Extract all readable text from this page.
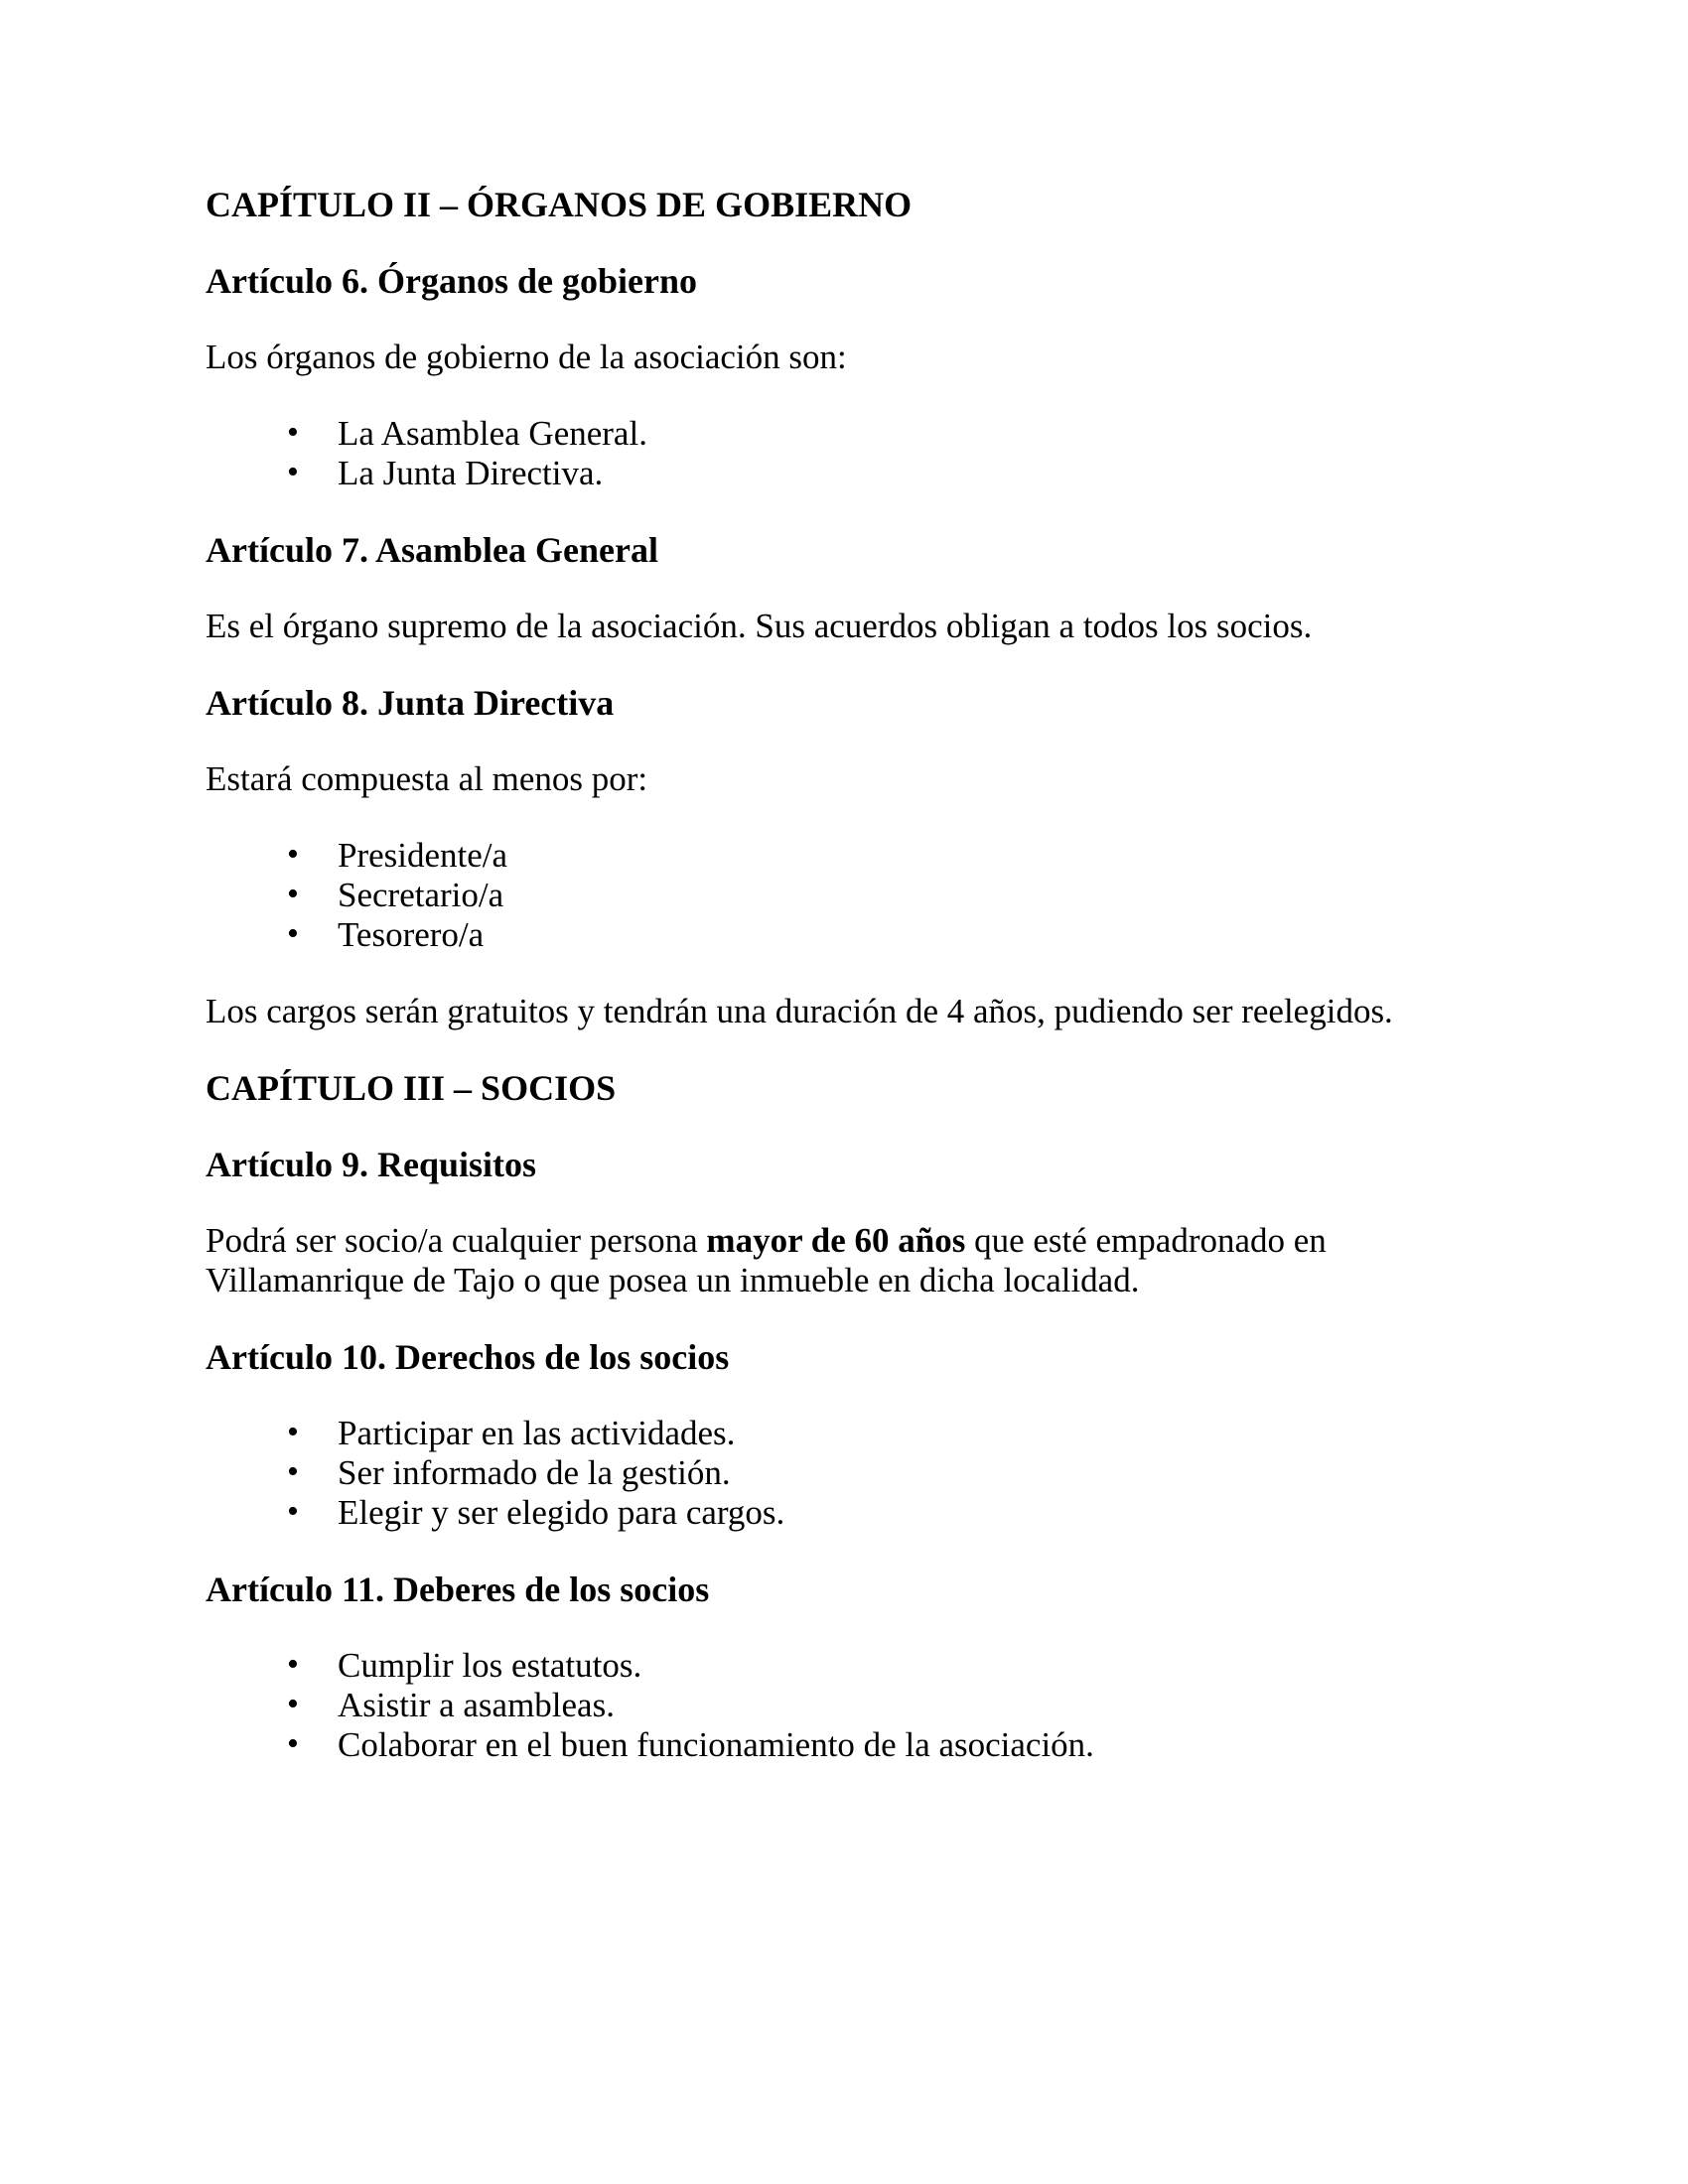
CAPÍTULO II – ÓRGANOS DE GOBIERNO
Artículo 6. Órganos de gobierno

Los órganos de gobierno de la asociación son:

• La Asamblea General.
• La Junta Directiva.
Artículo 7. Asamblea General

Es el órgano supremo de la asociación. Sus acuerdos obligan a todos los socios.

Artículo 8. Junta Directiva

Estará compuesta al menos por:

• Presidente/a
• Secretario/a
• Tesorero/a

Los cargos serán gratuitos y tendrán una duración de 4 años, pudiendo ser reelegidos.

CAPÍTULO III – SOCIOS
Artículo 9. Requisitos

Podrá ser socio/a cualquier persona mayor de 60 años que esté empadronado en Villamanrique de Tajo o que posea un inmueble en dicha localidad.

Artículo 10. Derechos de los socios
• Participar en las actividades.
• Ser informado de la gestión.
• Elegir y ser elegido para cargos.
Artículo 11. Deberes de los socios
• Cumplir los estatutos.
• Asistir a asambleas.
• Colaborar en el buen funcionamiento de la asociación.
